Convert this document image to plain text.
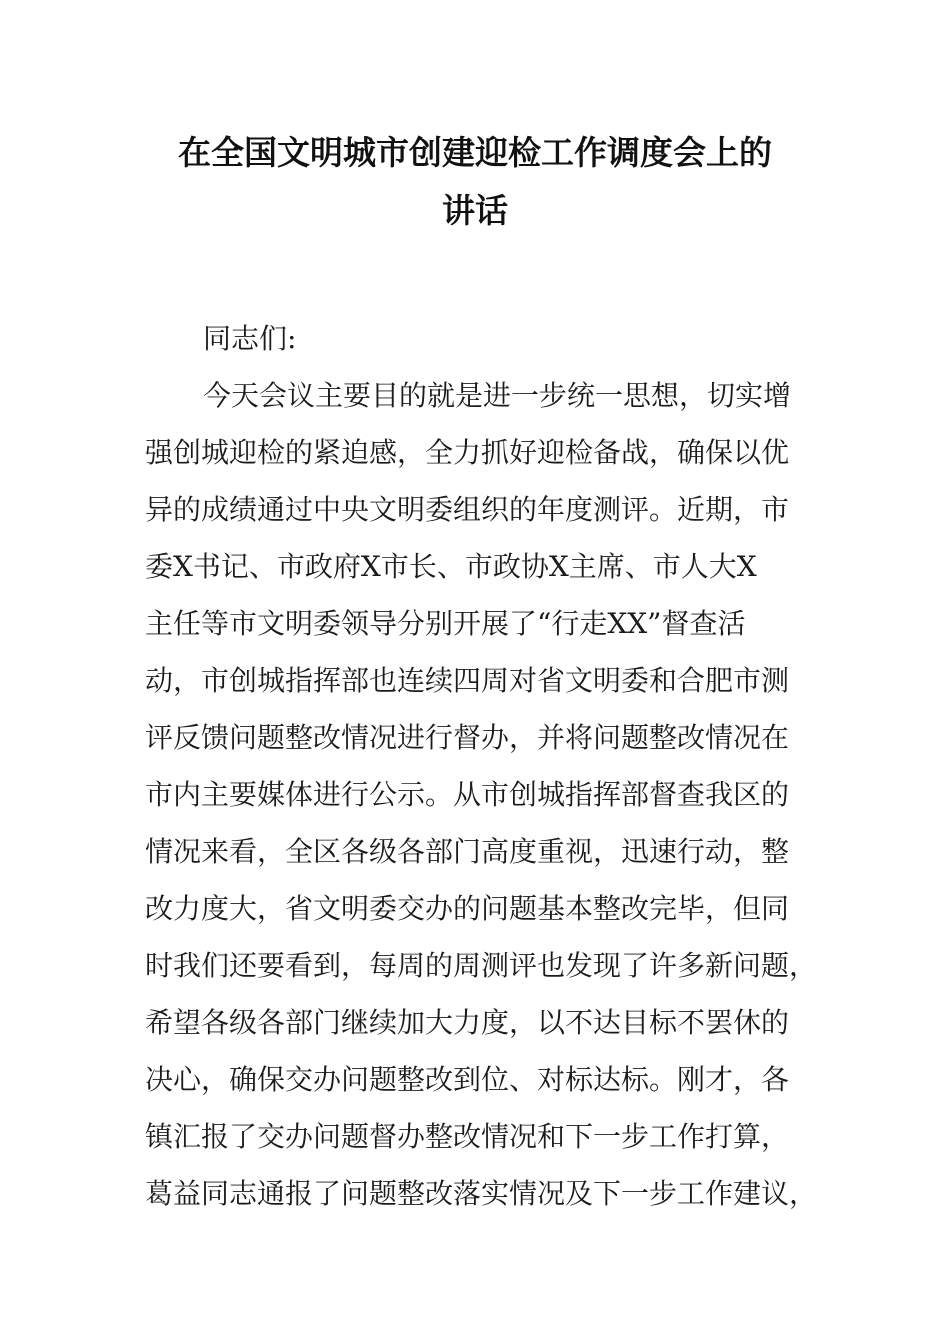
在全国文明城市创建迎检工作调度会上的
讲话

同志们:

今天会议主要目的就是进一步统一思想，切实增

强创城迎检的紧迫感，全力抓好迎检备战，确保以优

异的成绩通过中央文明委组织的年度测评。近期，市

委X书记、市政府X市长、市政协X主席、市人大X

主任等市文明委领导分别开展了“行走XX”督查活

动，市创城指挥部也连续四周对省文明委和合肥市测

评反馈问题整改情况进行督办，并将问题整改情况在

市内主要媒体进行公示。从市创城指挥部督查我区的

情况来看，全区各级各部门高度重视，迅速行动，整

改力度大，省文明委交办的问题基本整改完毕，但同

时我们还要看到，每周的周测评也发现了许多新问题，

希望各级各部门继续加大力度，以不达目标不罢休的

决心，确保交办问题整改到位、对标达标。刚才，各

镇汇报了交办问题督办整改情况和下一步工作打算，

葛益同志通报了问题整改落实情况及下一步工作建议，
